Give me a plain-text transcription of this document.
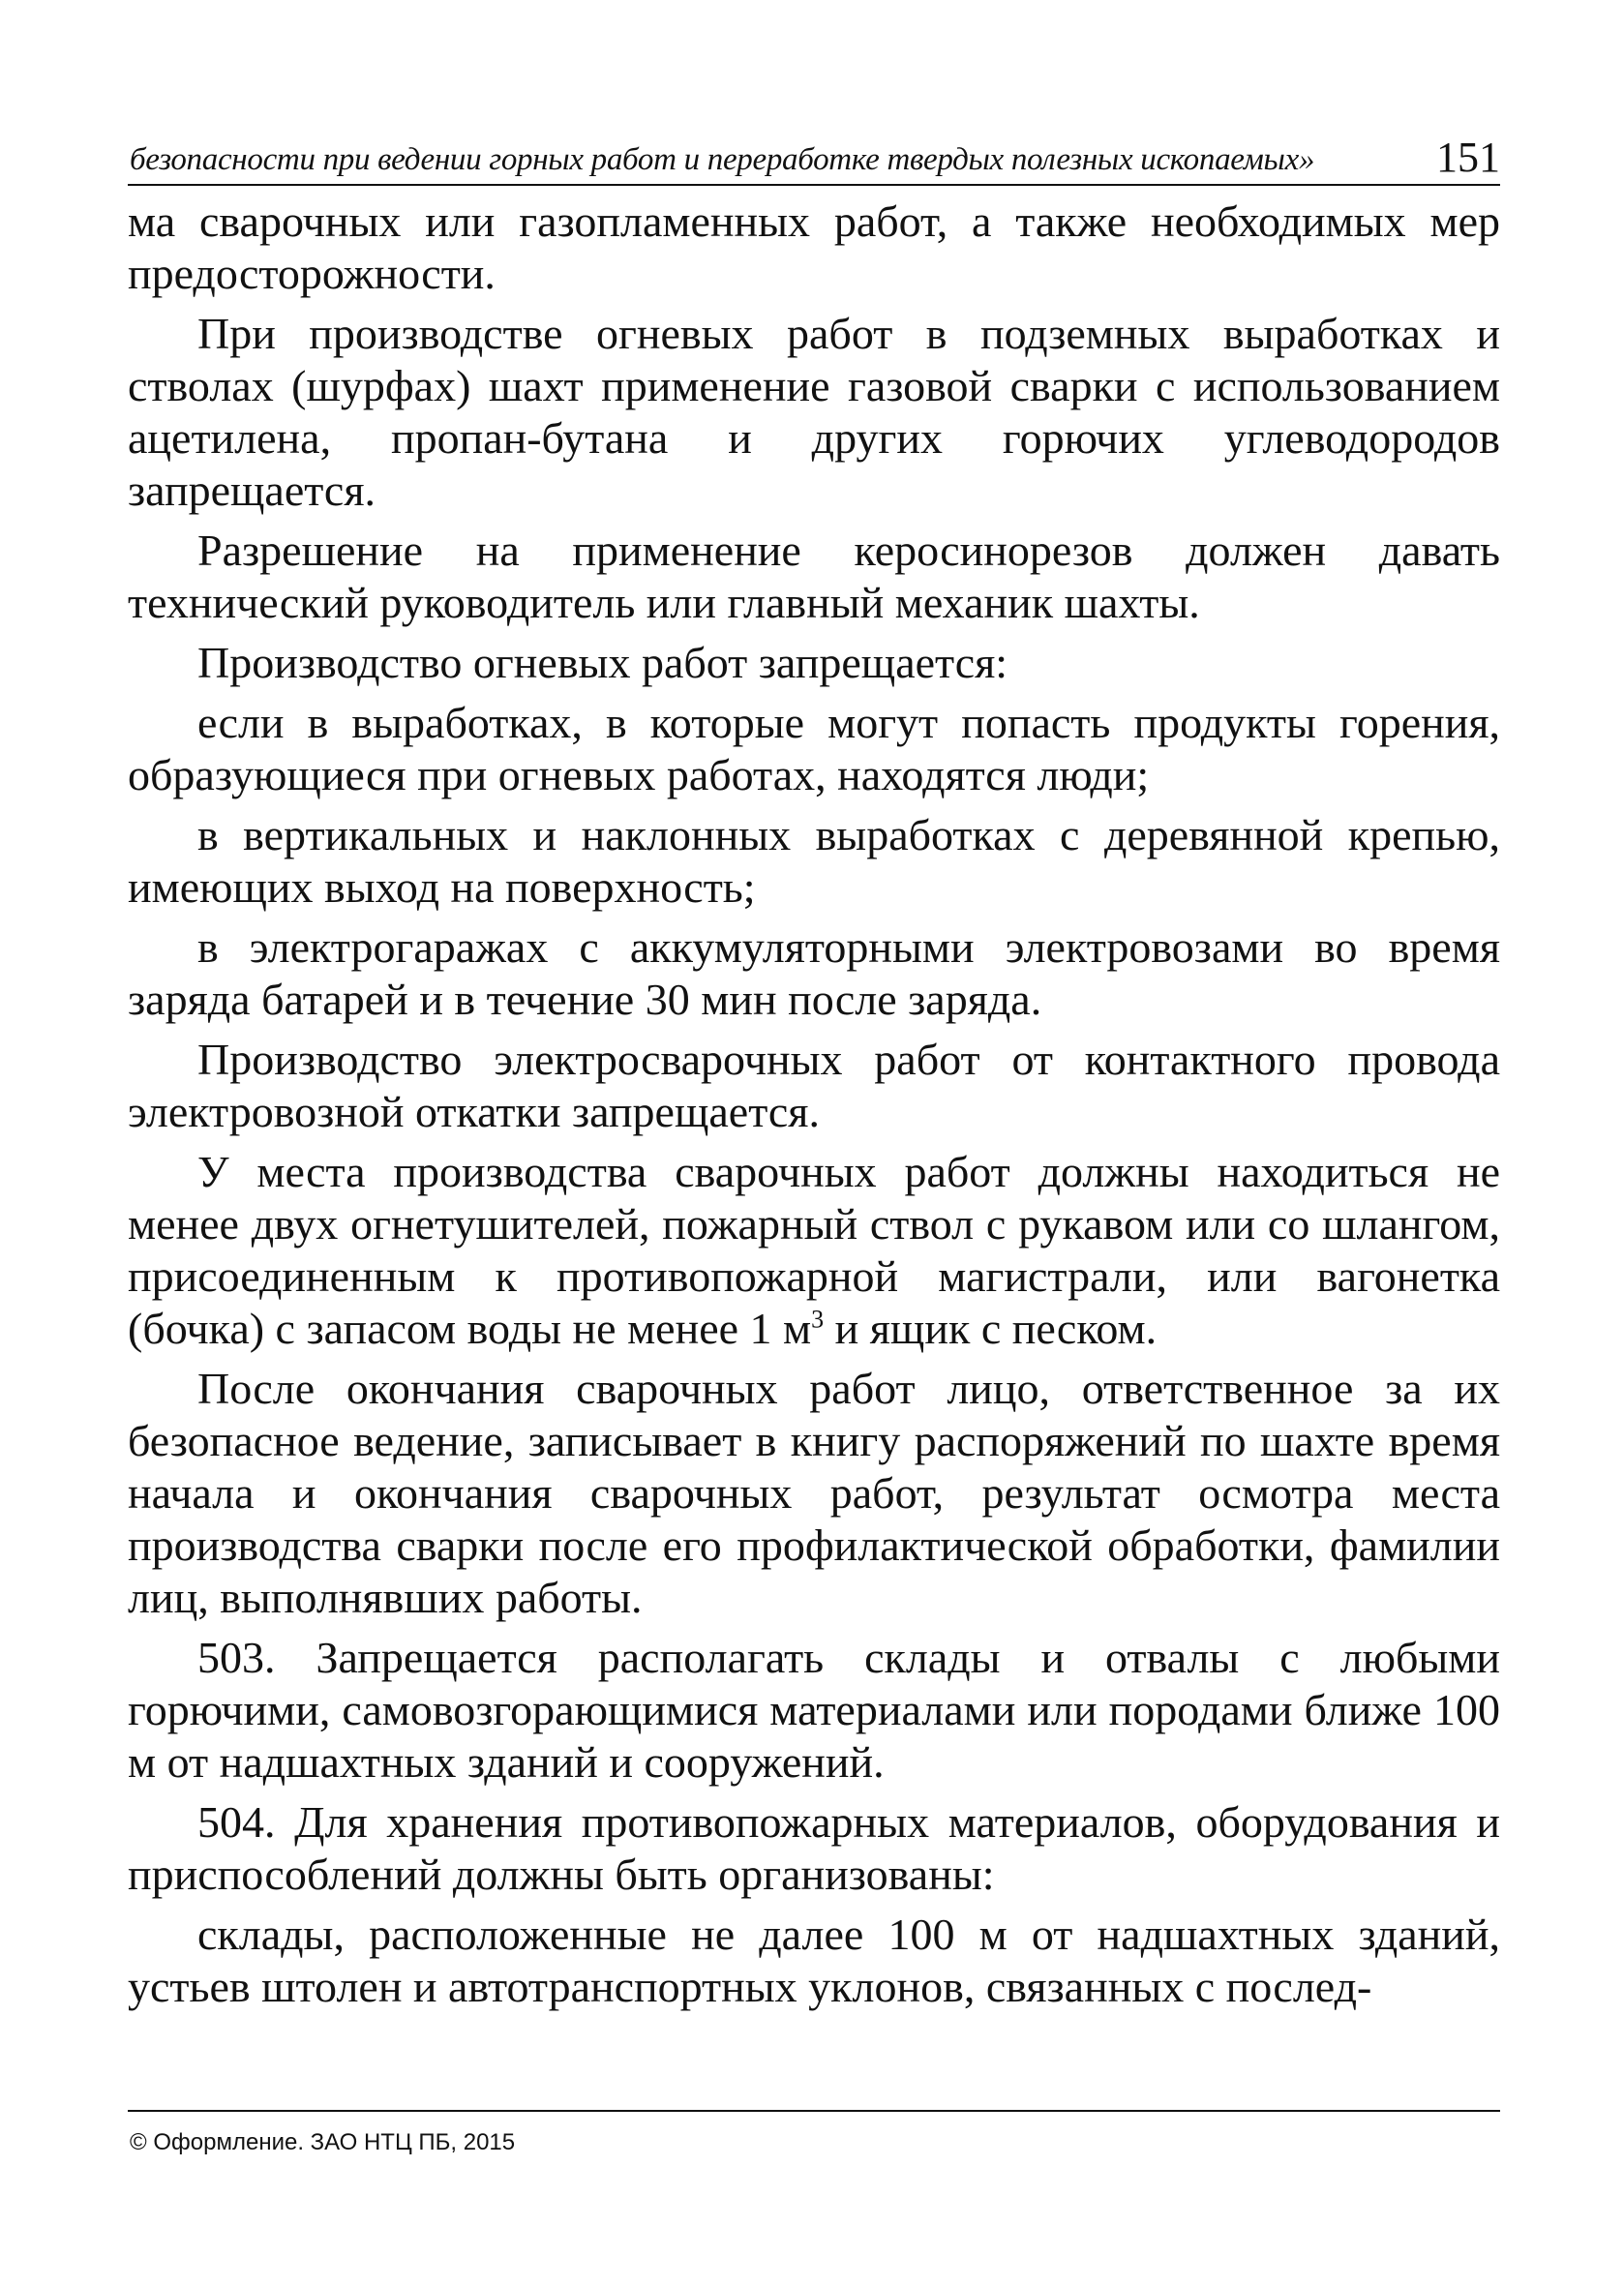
безопасности при ведении горных работ и переработке твердых полезных ископаемых»	151

ма сварочных или газопламенных работ, а также необходимых мер предосторожности.

При производстве огневых работ в подземных выработках и стволах (шурфах) шахт применение газовой сварки с использованием ацетилена, пропан-бутана и других горючих углеводородов запрещается.

Разрешение на применение керосинорезов должен давать технический руководитель или главный механик шахты.

Производство огневых работ запрещается:

если в выработках, в которые могут попасть продукты горения, образующиеся при огневых работах, находятся люди;

в вертикальных и наклонных выработках с деревянной крепью, имеющих выход на поверхность;

в электрогаражах с аккумуляторными электровозами во время заряда батарей и в течение 30 мин после заряда.

Производство электросварочных работ от контактного провода электровозной откатки запрещается.

У места производства сварочных работ должны находиться не менее двух огнетушителей, пожарный ствол с рукавом или со шлангом, присоединенным к противопожарной магистрали, или вагонетка (бочка) с запасом воды не менее 1 $м^3$ и ящик с песком.

После окончания сварочных работ лицо, ответственное за их безопасное ведение, записывает в книгу распоряжений по шахте время начала и окончания сварочных работ, результат осмотра места производства сварки после его профилактической обработки, фамилии лиц, выполнявших работы.

503. Запрещается располагать склады и отвалы с любыми горючими, самовозгорающимися материалами или породами ближе 100 м от надшахтных зданий и сооружений.

504. Для хранения противопожарных материалов, оборудования и приспособлений должны быть организованы:

склады, расположенные не далее 100 м от надшахтных зданий, устьев штолен и автотранспортных уклонов, связанных с послед-

© Оформление. ЗАО НТЦ ПБ, 2015
